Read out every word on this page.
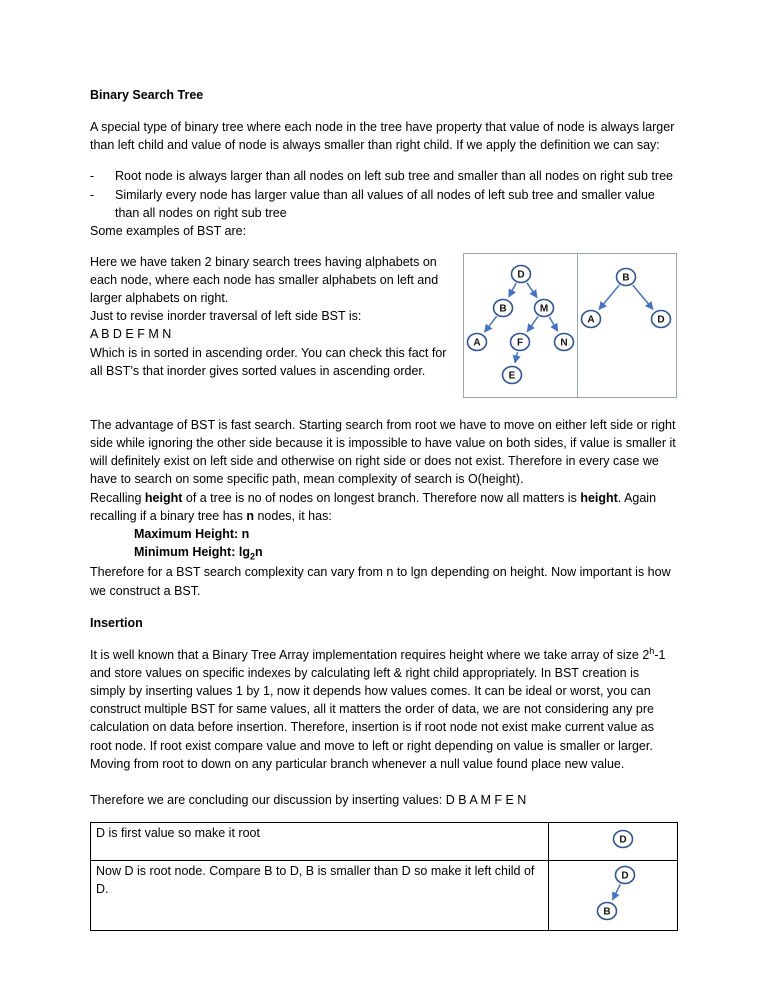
Binary Search Tree

A special type of binary tree where each node in the tree have property that value of node is always larger than left child and value of node is always smaller than right child. If we apply the definition we can say:

-	Root node is always larger than all nodes on left sub tree and smaller than all nodes on right sub tree
-	Similarly every node has larger value than all values of all nodes of left sub tree and smaller value than all nodes on right sub tree
Some examples of BST are:
D
B	M
A	F	N
E
B
A	D
Here we have taken 2 binary search trees having alphabets on each node, where each node has smaller alphabets on left and larger alphabets on right.
Just to revise inorder traversal of left side BST is:
A B D E F M N
Which is in sorted in ascending order. You can check this fact for all BST’s that inorder gives sorted values in ascending order.
The advantage of BST is fast search. Starting search from root we have to move on either left side or right side while ignoring the other side because it is impossible to have value on both sides, if value is smaller it will definitely exist on left side and otherwise on right side or does not exist. Therefore in every case we have to search on some specific path, mean complexity of search is O(height).
Recalling height of a tree is no of nodes on longest branch. Therefore now all matters is height. Again recalling if a binary tree has n nodes, it has:
Maximum Height: n
Minimum Height: $\lg_2n$
Therefore for a BST search complexity can vary from n to lgn depending on height. Now important is how we construct a BST.
Insertion

It is well known that a Binary Tree Array implementation requires height where we take array of size 2$^h$-1 and store values on specific indexes by calculating left & right child appropriately. In BST creation is simply by inserting values 1 by 1, now it depends how values comes. It can be ideal or worst, you can construct multiple BST for same values, all it matters the order of data, we are not considering any pre calculation on data before insertion. Therefore, insertion is if root node not exist make current value as root node. If root exist compare value and move to left or right depending on value is smaller or larger. Moving from root to down on any particular branch whenever a null value found place new value.

Therefore we are concluding our discussion by inserting values: D B A M F E N

D is first value so make it root	D

Now D is root node. Compare B to D, B is smaller than D so make it left child of D.	D
B
